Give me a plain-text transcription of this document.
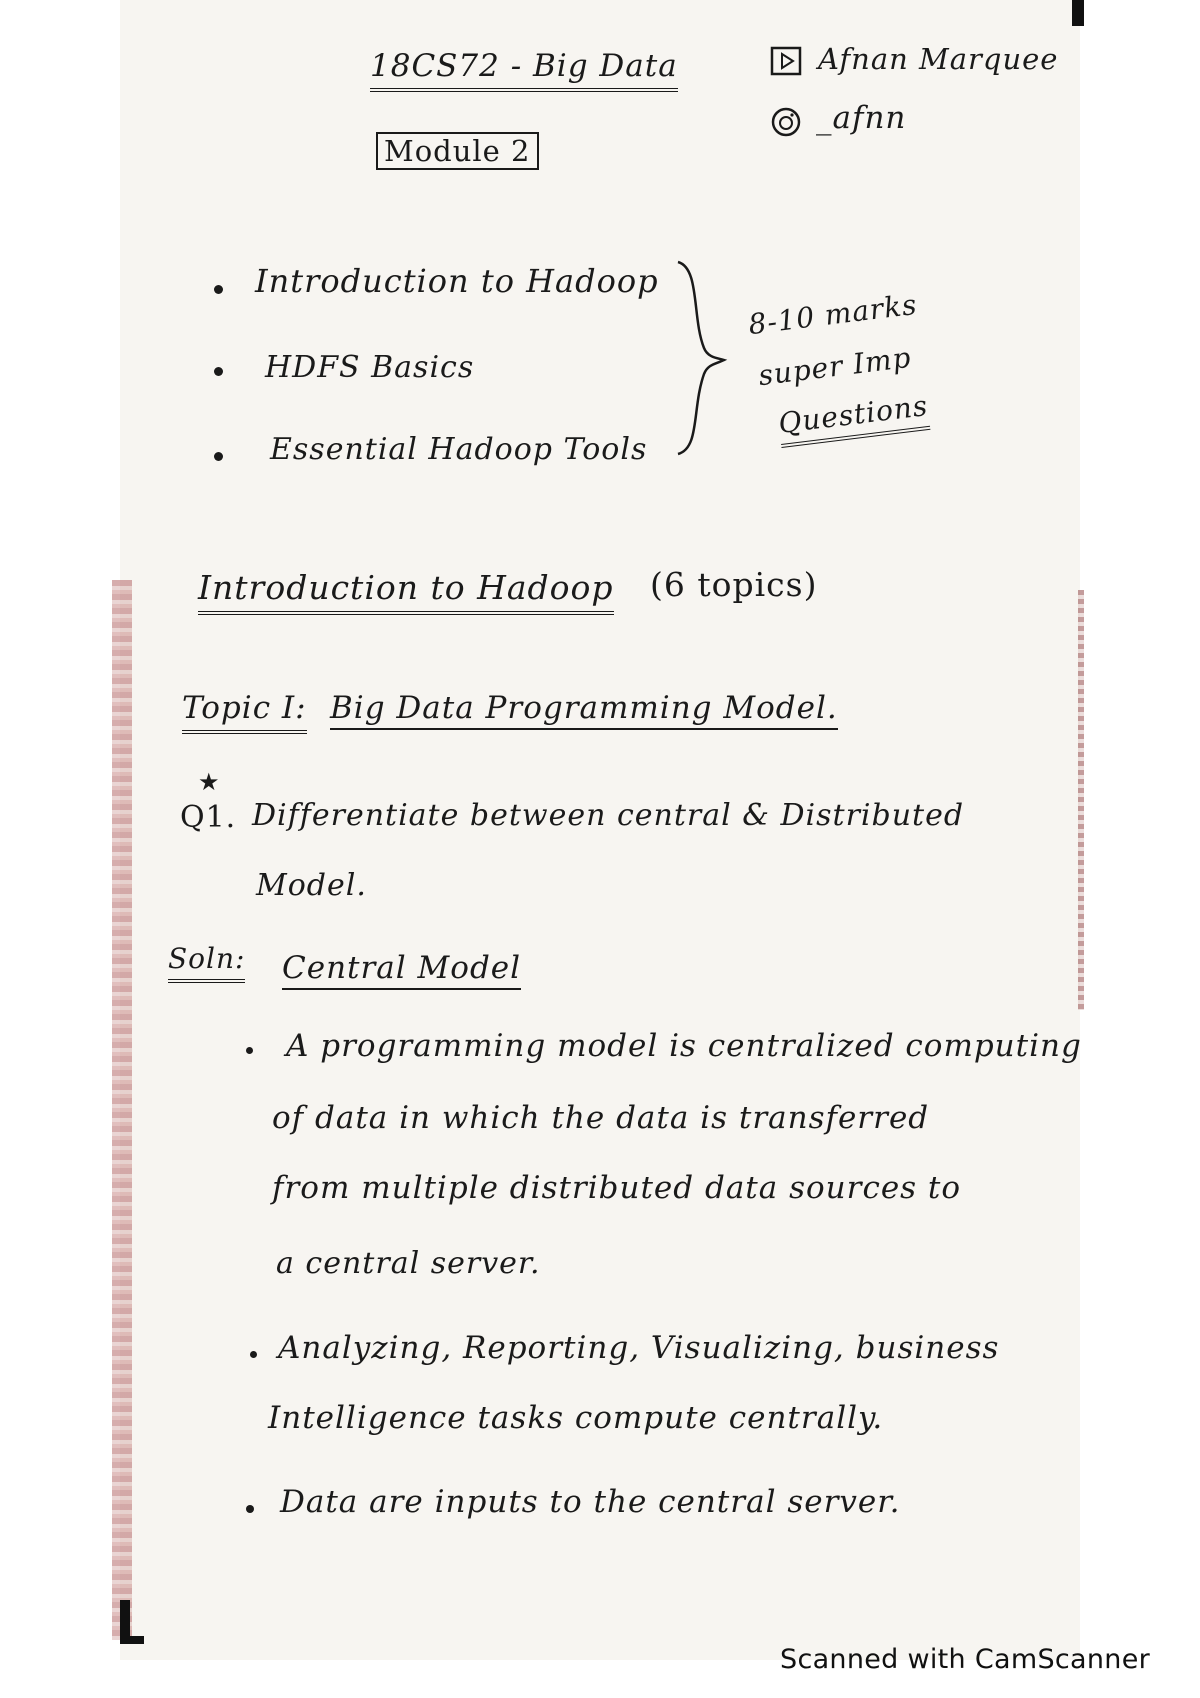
18CS72 - Big Data
Module 2
Afnan Marquee
_afnn
Introduction to Hadoop
HDFS Basics
Essential Hadoop Tools
8-10 marks
super Imp
Questions
Introduction to Hadoop (6 topics)
Topic I: Big Data Programming Model.
★
Q1. Differentiate between central & Distributed
Model.
Soln: Central Model
A programming model is centralized computing
of data in which the data is transferred
from multiple distributed data sources to
a central server.
Analyzing, Reporting, Visualizing, business
Intelligence tasks compute centrally.
Data are inputs to the central server.
Scanned with CamScanner
